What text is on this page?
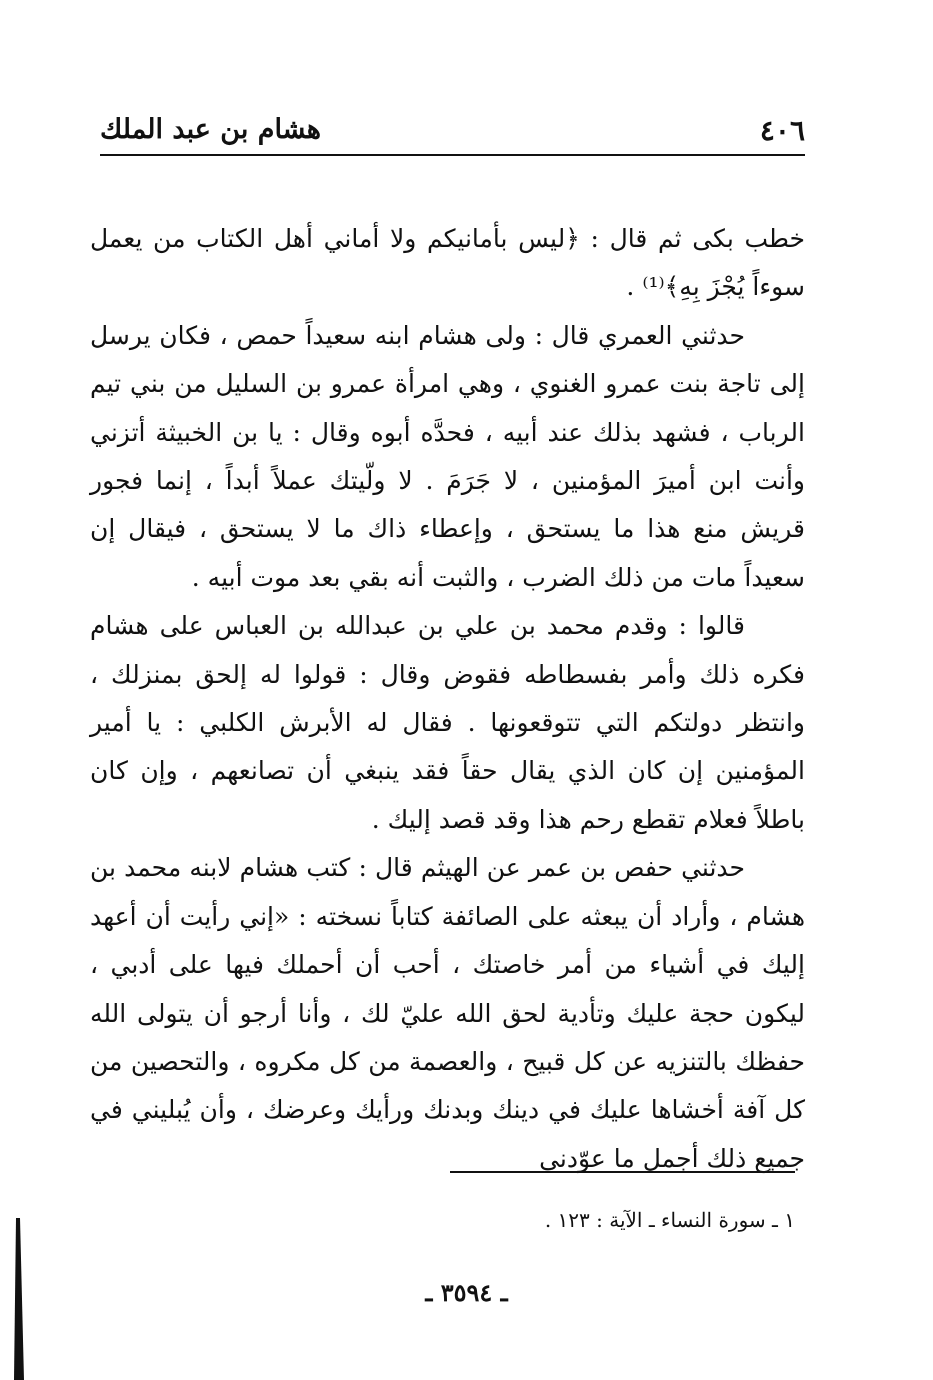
٤٠٦
هشام بن عبد الملك

خطب بكى ثم قال : ﴿ليس بأمانيكم ولا أماني أهل الكتاب من يعمل سوءاً يُجْزَ بِهِ﴾⁽¹⁾ .

حدثني العمري قال : ولى هشام ابنه سعيداً حمص ، فكان يرسل إلى تاجة بنت عمرو الغنوي ، وهي امرأة عمرو بن السليل من بني تيم الرباب ، فشهد بذلك عند أبيه ، فحدَّه أبوه وقال : يا بن الخبيثة أتزني وأنت ابن أميرَ المؤمنين ، لا جَرَمَ . لا ولّيتك عملاً أبداً ، إنما فجور قريش منع هذا ما يستحق ، وإعطاء ذاك ما لا يستحق ، فيقال إن سعيداً مات من ذلك الضرب ، والثبت أنه بقي بعد موت أبيه .

قالوا : وقدم محمد بن علي بن عبدالله بن العباس على هشام فكره ذلك وأمر بفسطاطه فقوض وقال : قولوا له إلحق بمنزلك ، وانتظر دولتكم التي تتوقعونها . فقال له الأبرش الكلبي : يا أمير المؤمنين إن كان الذي يقال حقاً فقد ينبغي أن تصانعهم ، وإن كان باطلاً فعلام تقطع رحم هذا وقد قصد إليك .

حدثني حفص بن عمر عن الهيثم قال : كتب هشام لابنه محمد بن هشام ، وأراد أن يبعثه على الصائفة كتاباً نسخته : «إني رأيت أن أعهد إليك في أشياء من أمر خاصتك ، أحب أن أحملك فيها على أدبي ، ليكون حجة عليك وتأدية لحق الله عليّ لك ، وأنا أرجو أن يتولى الله حفظك بالتنزيه عن كل قبيح ، والعصمة من كل مكروه ، والتحصين من كل آفة أخشاها عليك في دينك وبدنك ورأيك وعرضك ، وأن يُبليني في جميع ذلك أجمل ما عوّدني

١ ـ سورة النساء ـ الآية : ١٢٣ .
ـ ٣٥٩٤ ـ
